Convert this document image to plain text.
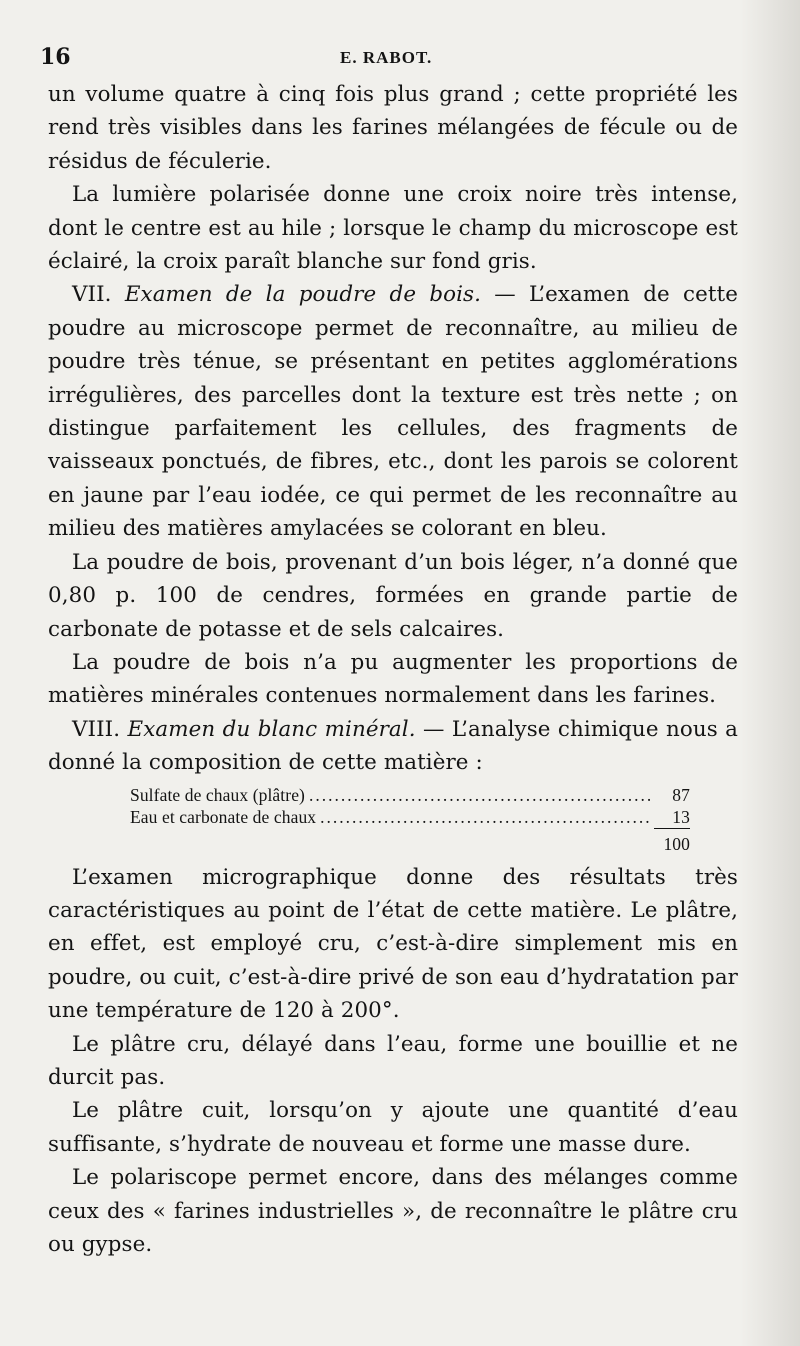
16	E. RABOT.

un volume quatre à cinq fois plus grand ; cette propriété les rend très visibles dans les farines mélangées de fécule ou de résidus de féculerie.

La lumière polarisée donne une croix noire très intense, dont le centre est au hile ; lorsque le champ du microscope est éclairé, la croix paraît blanche sur fond gris.

VII. Examen de la poudre de bois. — L’examen de cette poudre au microscope permet de reconnaître, au milieu de poudre très ténue, se présentant en petites agglomérations irrégulières, des parcelles dont la texture est très nette ; on distingue parfaitement les cellules, des fragments de vaisseaux ponctués, de fibres, etc., dont les parois se colorent en jaune par l’eau iodée, ce qui permet de les reconnaître au milieu des matières amylacées se colorant en bleu.

La poudre de bois, provenant d’un bois léger, n’a donné que 0,80 p. 100 de cendres, formées en grande partie de carbonate de potasse et de sels calcaires.

La poudre de bois n’a pu augmenter les proportions de matières minérales contenues normalement dans les farines.

VIII. Examen du blanc minéral. — L’analyse chimique nous a donné la composition de cette matière :

Sulfate de chaux (plâtre) .....	87
Eau et carbonate de chaux .....	13
100

L’examen micrographique donne des résultats très caractéristiques au point de l’état de cette matière. Le plâtre, en effet, est employé cru, c’est-à-dire simplement mis en poudre, ou cuit, c’est-à-dire privé de son eau d’hydratation par une température de 120 à 200°.

Le plâtre cru, délayé dans l’eau, forme une bouillie et ne durcit pas.

Le plâtre cuit, lorsqu’on y ajoute une quantité d’eau suffisante, s’hydrate de nouveau et forme une masse dure.

Le polariscope permet encore, dans des mélanges comme ceux des « farines industrielles », de reconnaître le plâtre cru ou gypse.
